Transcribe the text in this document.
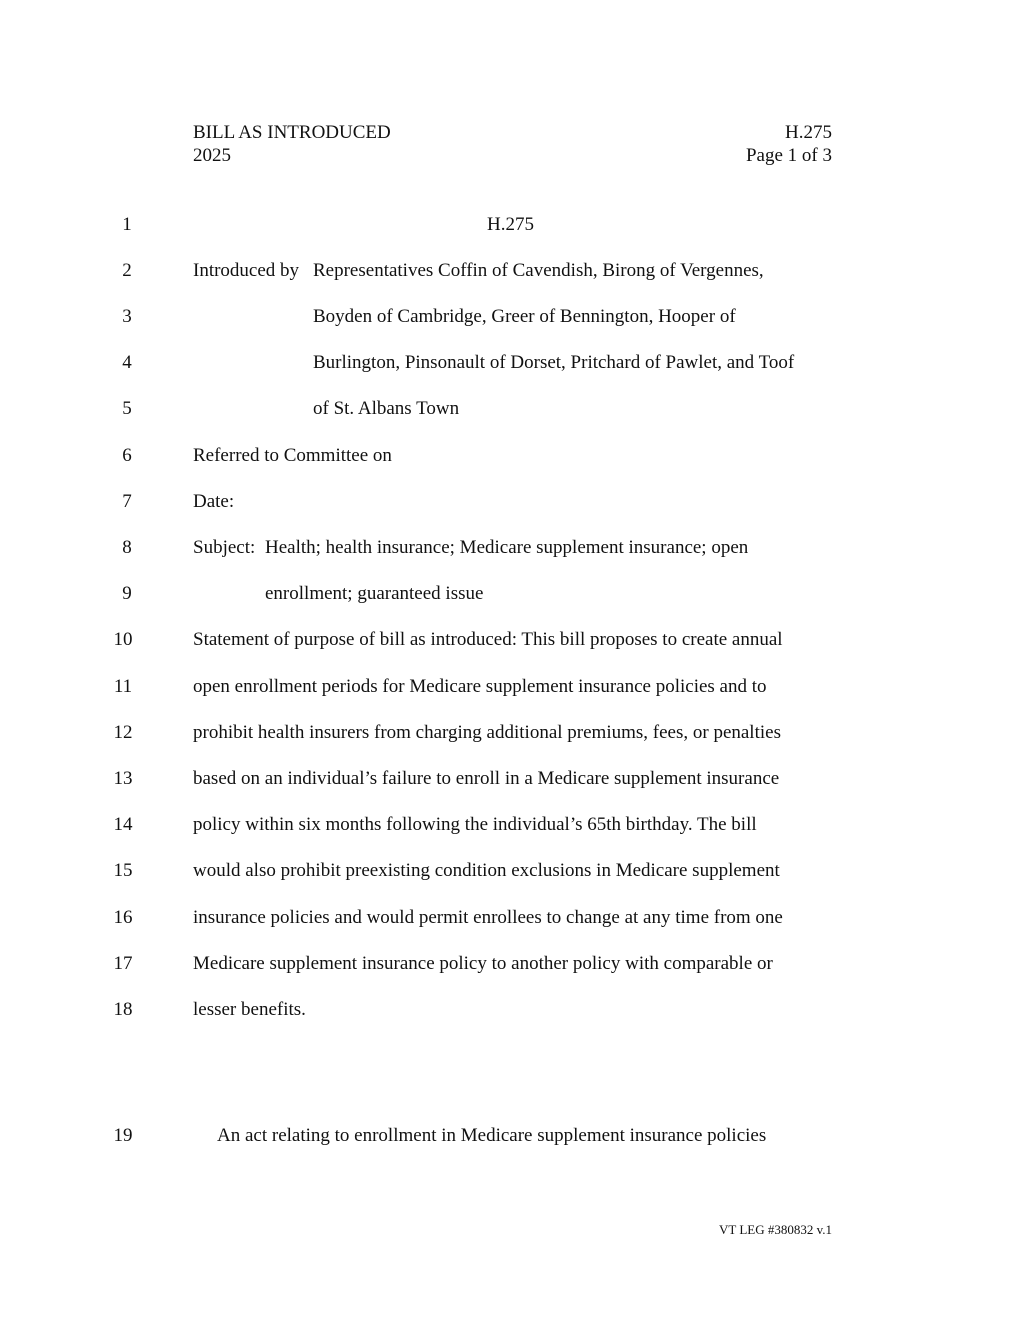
BILL AS INTRODUCED
2025
H.275
Page 1 of 3
1
2
3
4
5
6
7
8
9
10
11
12
13
14
15
16
17
18
19
H.275
Introduced by Representatives Coffin of Cavendish, Birong of Vergennes,
Boyden of Cambridge, Greer of Bennington, Hooper of
Burlington, Pinsonault of Dorset, Pritchard of Pawlet, and Toof
of St. Albans Town
Referred to Committee on
Date:
Subject: Health; health insurance; Medicare supplement insurance; open
enrollment; guaranteed issue
Statement of purpose of bill as introduced: This bill proposes to create annual
open enrollment periods for Medicare supplement insurance policies and to
prohibit health insurers from charging additional premiums, fees, or penalties
based on an individual’s failure to enroll in a Medicare supplement insurance
policy within six months following the individual’s 65th birthday. The bill
would also prohibit preexisting condition exclusions in Medicare supplement
insurance policies and would permit enrollees to change at any time from one
Medicare supplement insurance policy to another policy with comparable or
lesser benefits.
An act relating to enrollment in Medicare supplement insurance policies
VT LEG #380832 v.1
